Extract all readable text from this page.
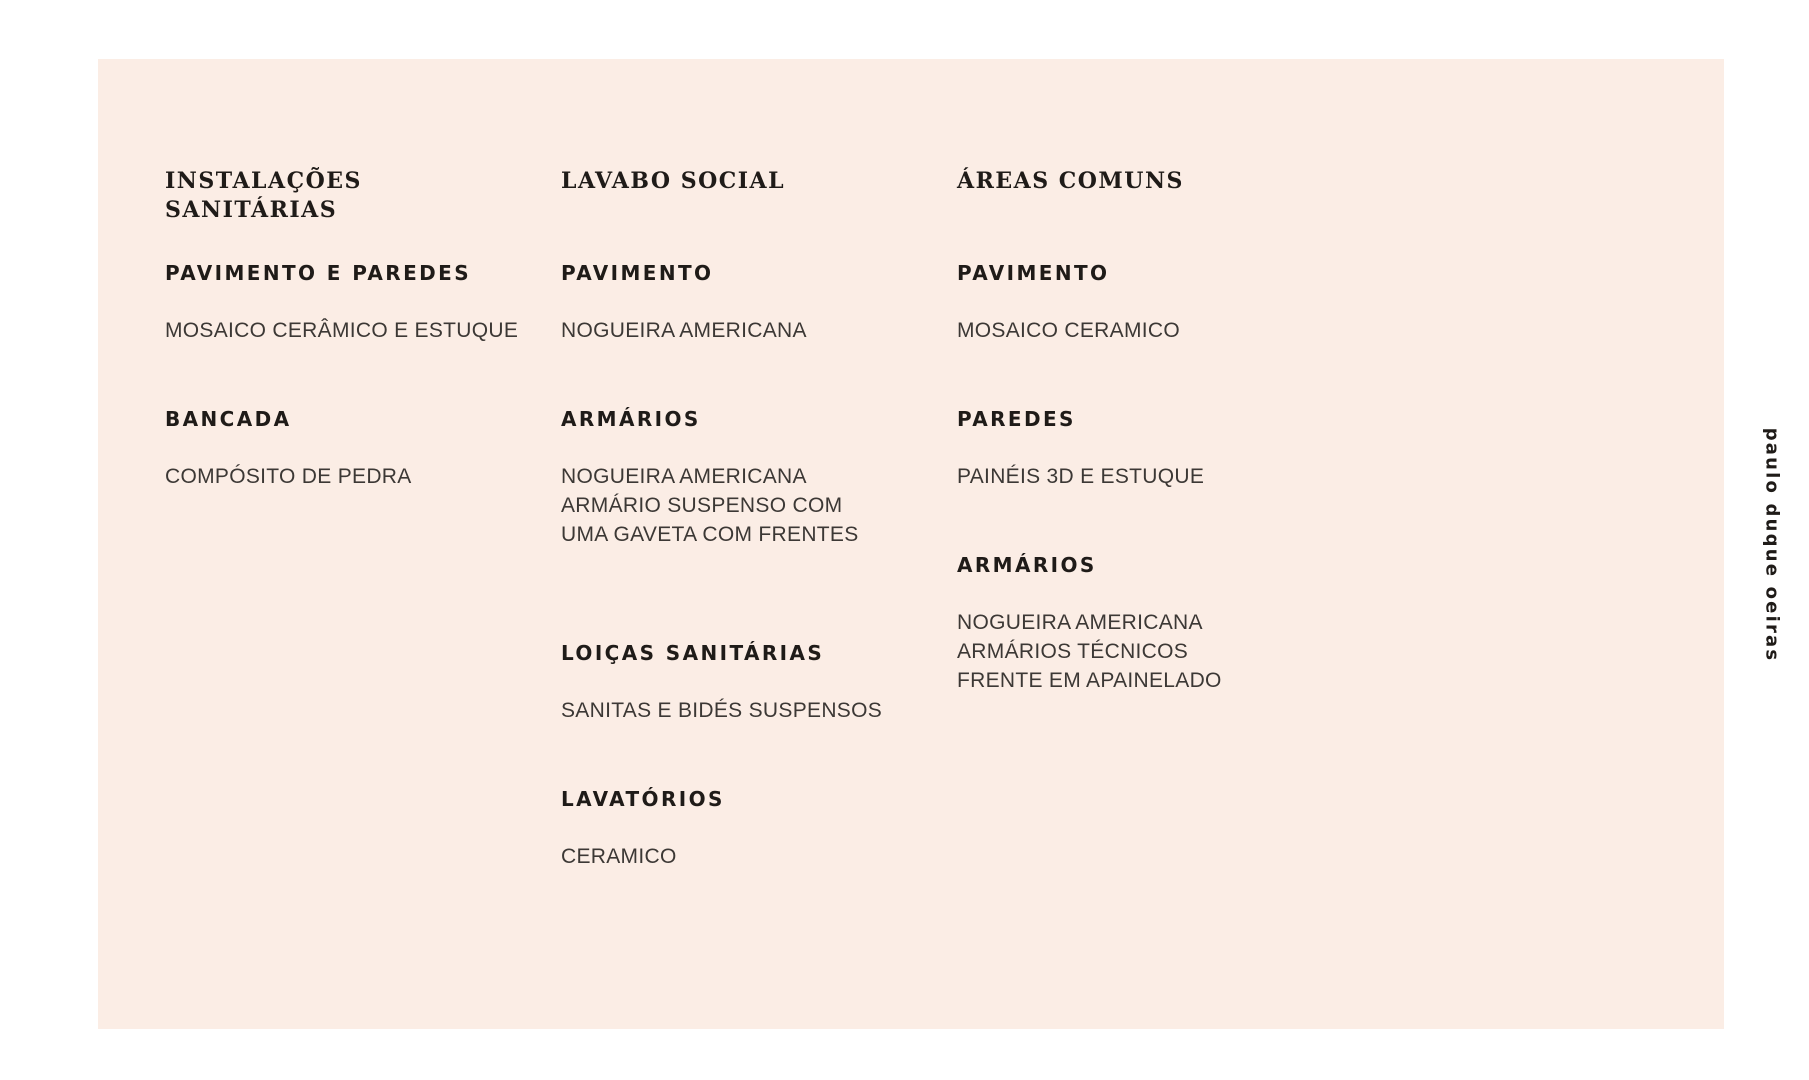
INSTALAÇÕES
SANITÁRIAS
PAVIMENTO E PAREDES

MOSAICO CERÂMICO E ESTUQUE

BANCADA

COMPÓSITO DE PEDRA

LAVABO SOCIAL
PAVIMENTO

NOGUEIRA AMERICANA

ARMÁRIOS

NOGUEIRA AMERICANA
ARMÁRIO SUSPENSO COM
UMA GAVETA COM FRENTES

LOIÇAS SANITÁRIAS

SANITAS E BIDÉS SUSPENSOS

LAVATÓRIOS

CERAMICO

ÁREAS COMUNS
PAVIMENTO

MOSAICO CERAMICO

PAREDES

PAINÉIS 3D E ESTUQUE

ARMÁRIOS

NOGUEIRA AMERICANA
ARMÁRIOS TÉCNICOS
FRENTE EM APAINELADO

paulo duque oeiras
